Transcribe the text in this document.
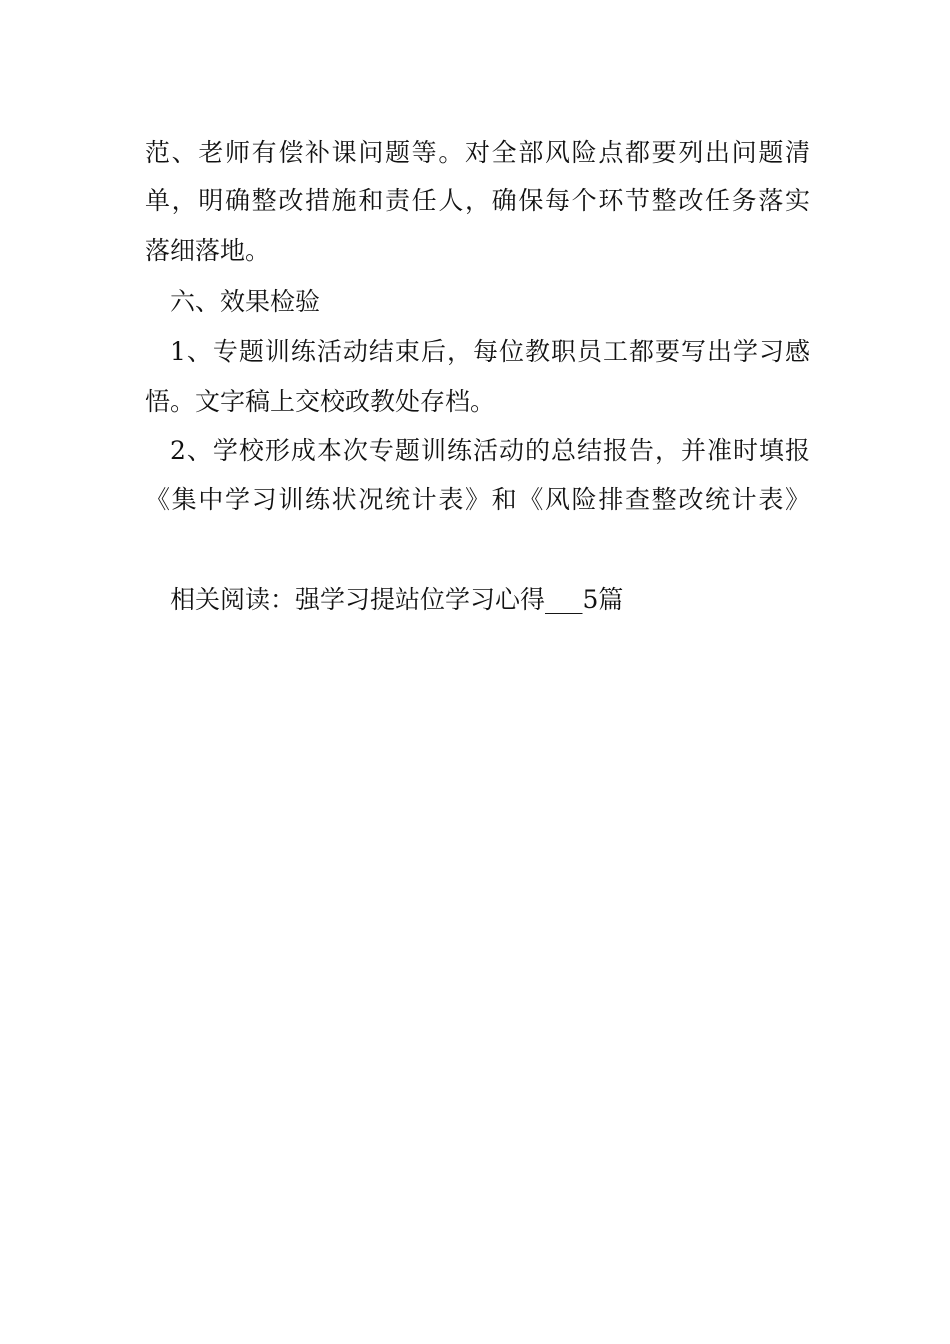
范、老师有偿补课问题等。对全部风险点都要列出问题清
单，明确整改措施和责任人，确保每个环节整改任务落实
落细落地。
六、效果检验
1、专题训练活动结束后，每位教职员工都要写出学习感
悟。文字稿上交校政教处存档。
2、学校形成本次专题训练活动的总结报告，并准时填报
《集中学习训练状况统计表》和《风险排查整改统计表》
相关阅读：强学习提站位学习心得___5篇
